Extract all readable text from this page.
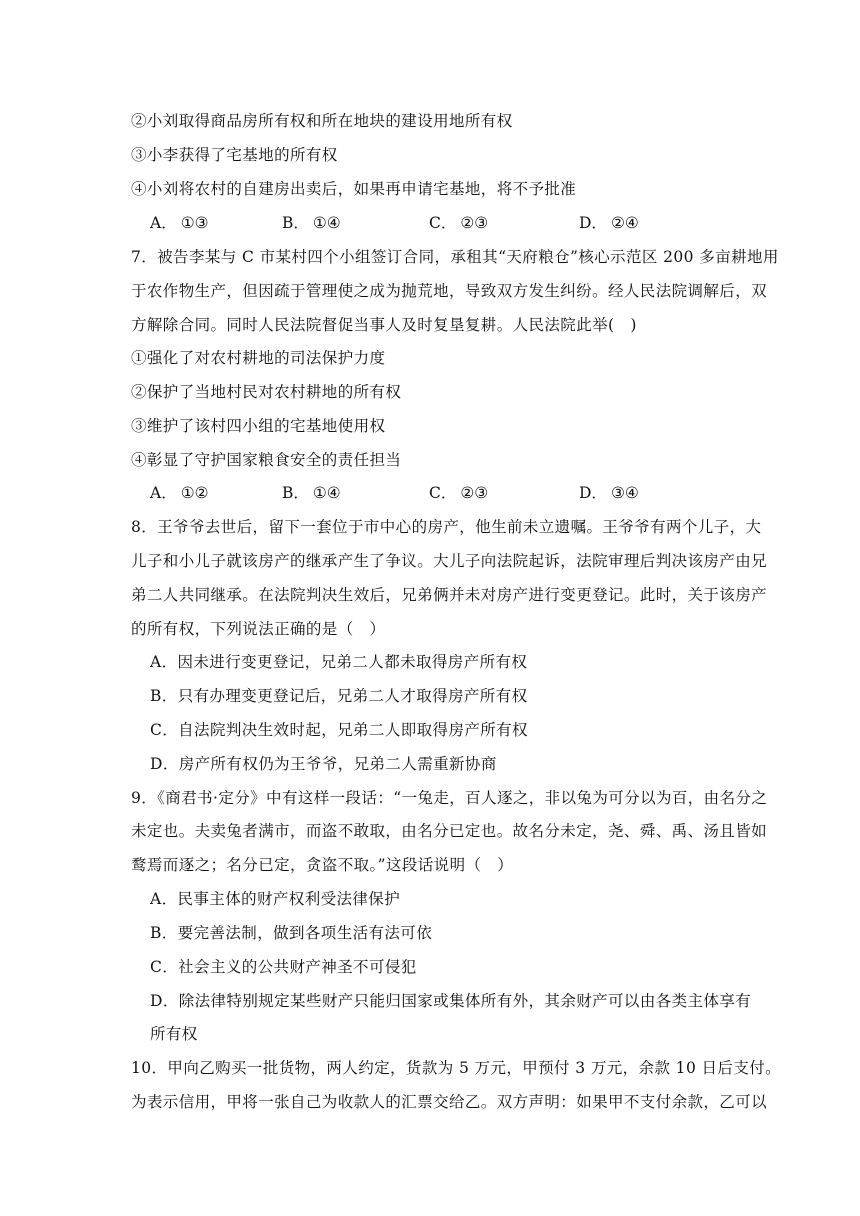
②小刘取得商品房所有权和所在地块的建设用地所有权
③小李获得了宅基地的所有权
④小刘将农村的自建房出卖后，如果再申请宅基地，将不予批准
A． ①③	B． ①④	C． ②③	D． ②④
7．被告李某与 C 市某村四个小组签订合同，承租其“天府粮仓”核心示范区 200 多亩耕地用
于农作物生产，但因疏于管理使之成为抛荒地，导致双方发生纠纷。经人民法院调解后，双
方解除合同。同时人民法院督促当事人及时复垦复耕。人民法院此举(　)
①强化了对农村耕地的司法保护力度
②保护了当地村民对农村耕地的所有权
③维护了该村四小组的宅基地使用权
④彰显了守护国家粮食安全的责任担当
A． ①②	B． ①④	C． ②③	D． ③④
8．王爷爷去世后，留下一套位于市中心的房产，他生前未立遗嘱。王爷爷有两个儿子，大
儿子和小儿子就该房产的继承产生了争议。大儿子向法院起诉，法院审理后判决该房产由兄
弟二人共同继承。在法院判决生效后，兄弟俩并未对房产进行变更登记。此时，关于该房产
的所有权，下列说法正确的是（　）
A．因未进行变更登记，兄弟二人都未取得房产所有权
B．只有办理变更登记后，兄弟二人才取得房产所有权
C．自法院判决生效时起，兄弟二人即取得房产所有权
D．房产所有权仍为王爷爷，兄弟二人需重新协商
9．《商君书·定分》中有这样一段话：“一兔走，百人逐之，非以兔为可分以为百，由名分之
未定也。夫卖兔者满市，而盗不敢取，由名分已定也。故名分未定，尧、舜、禹、汤且皆如
鹜焉而逐之；名分已定，贪盗不取。”这段话说明（　）
A．民事主体的财产权利受法律保护
B．要完善法制，做到各项生活有法可依
C．社会主义的公共财产神圣不可侵犯
D．除法律特别规定某些财产只能归国家或集体所有外，其余财产可以由各类主体享有
所有权
10．甲向乙购买一批货物，两人约定，货款为 5 万元，甲预付 3 万元，余款 10 日后支付。
为表示信用，甲将一张自己为收款人的汇票交给乙。双方声明：如果甲不支付余款，乙可以
